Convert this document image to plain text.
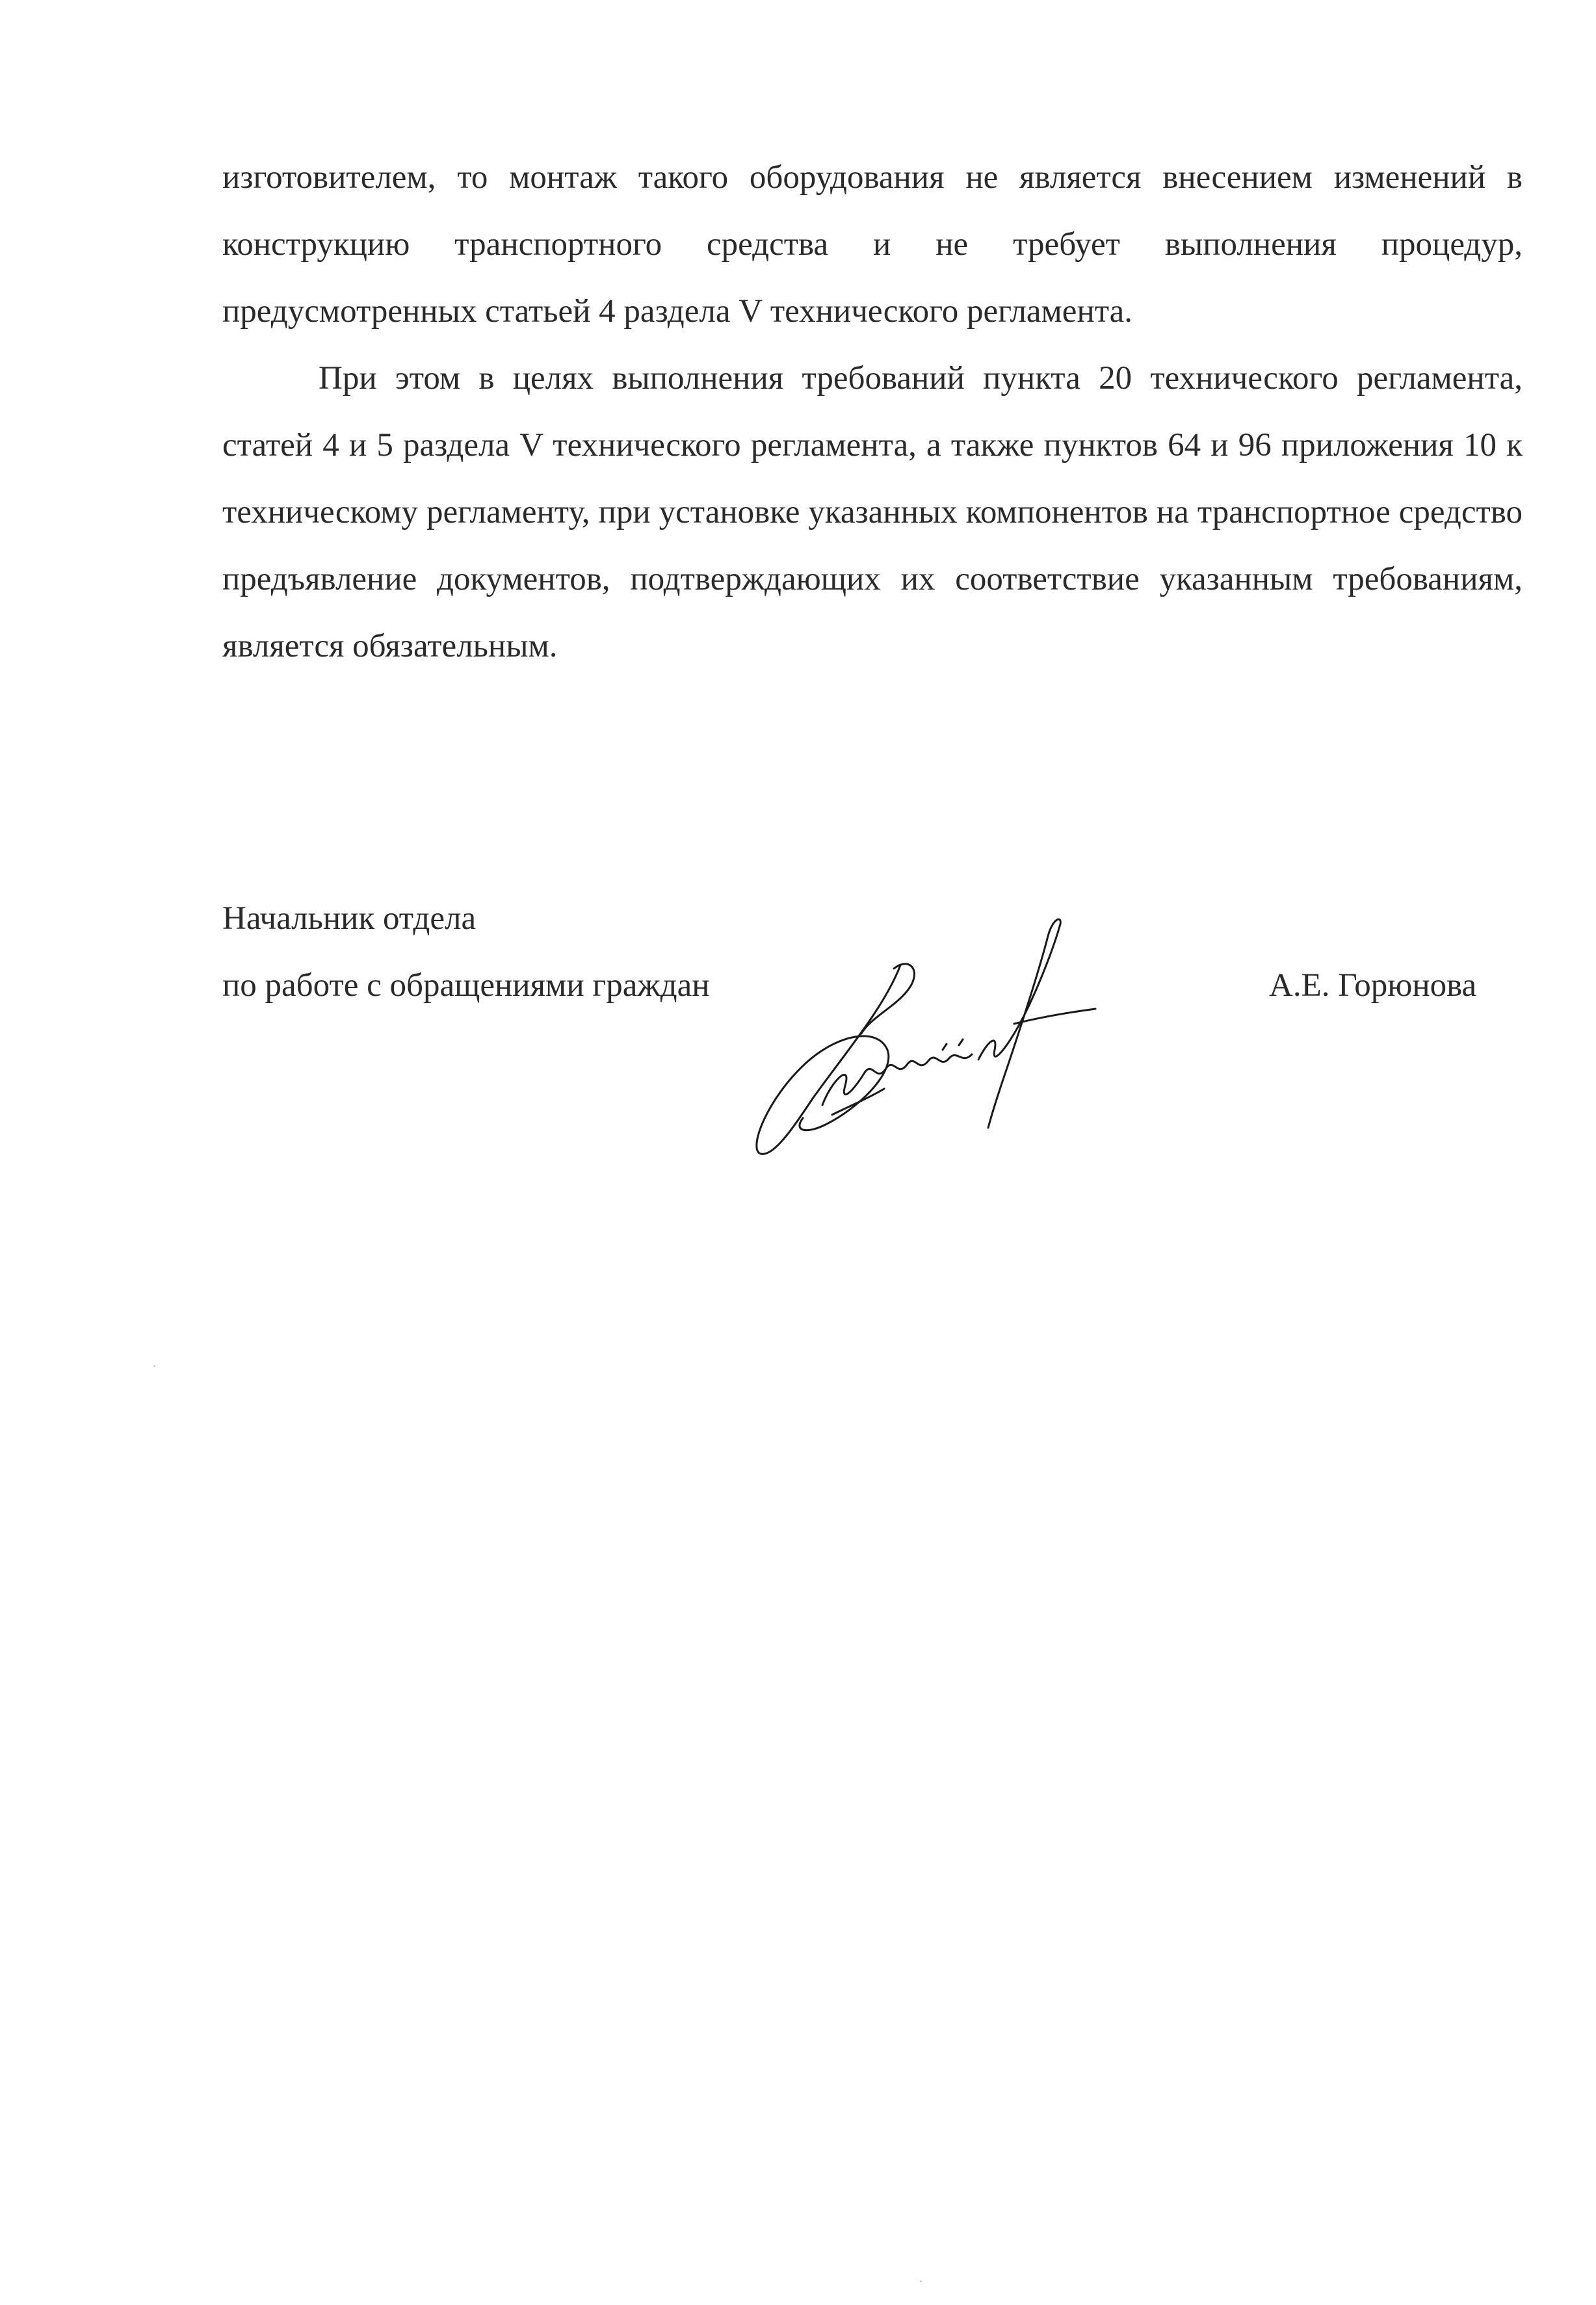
изготовителем, то монтаж такого оборудования не является внесением изменений в конструкцию транспортного средства и не требует выполнения процедур, предусмотренных статьей 4 раздела V технического регламента.

При этом в целях выполнения требований пункта 20 технического регламента, статей 4 и 5 раздела V технического регламента, а также пунктов 64 и 96 приложения 10 к техническому регламенту, при установке указанных компонентов на транспортное средство предъявление документов, подтверждающих их соответствие указанным требованиям, является обязательным.

Начальник отдела
по работе с обращениями граждан	А.Е. Горюнова
